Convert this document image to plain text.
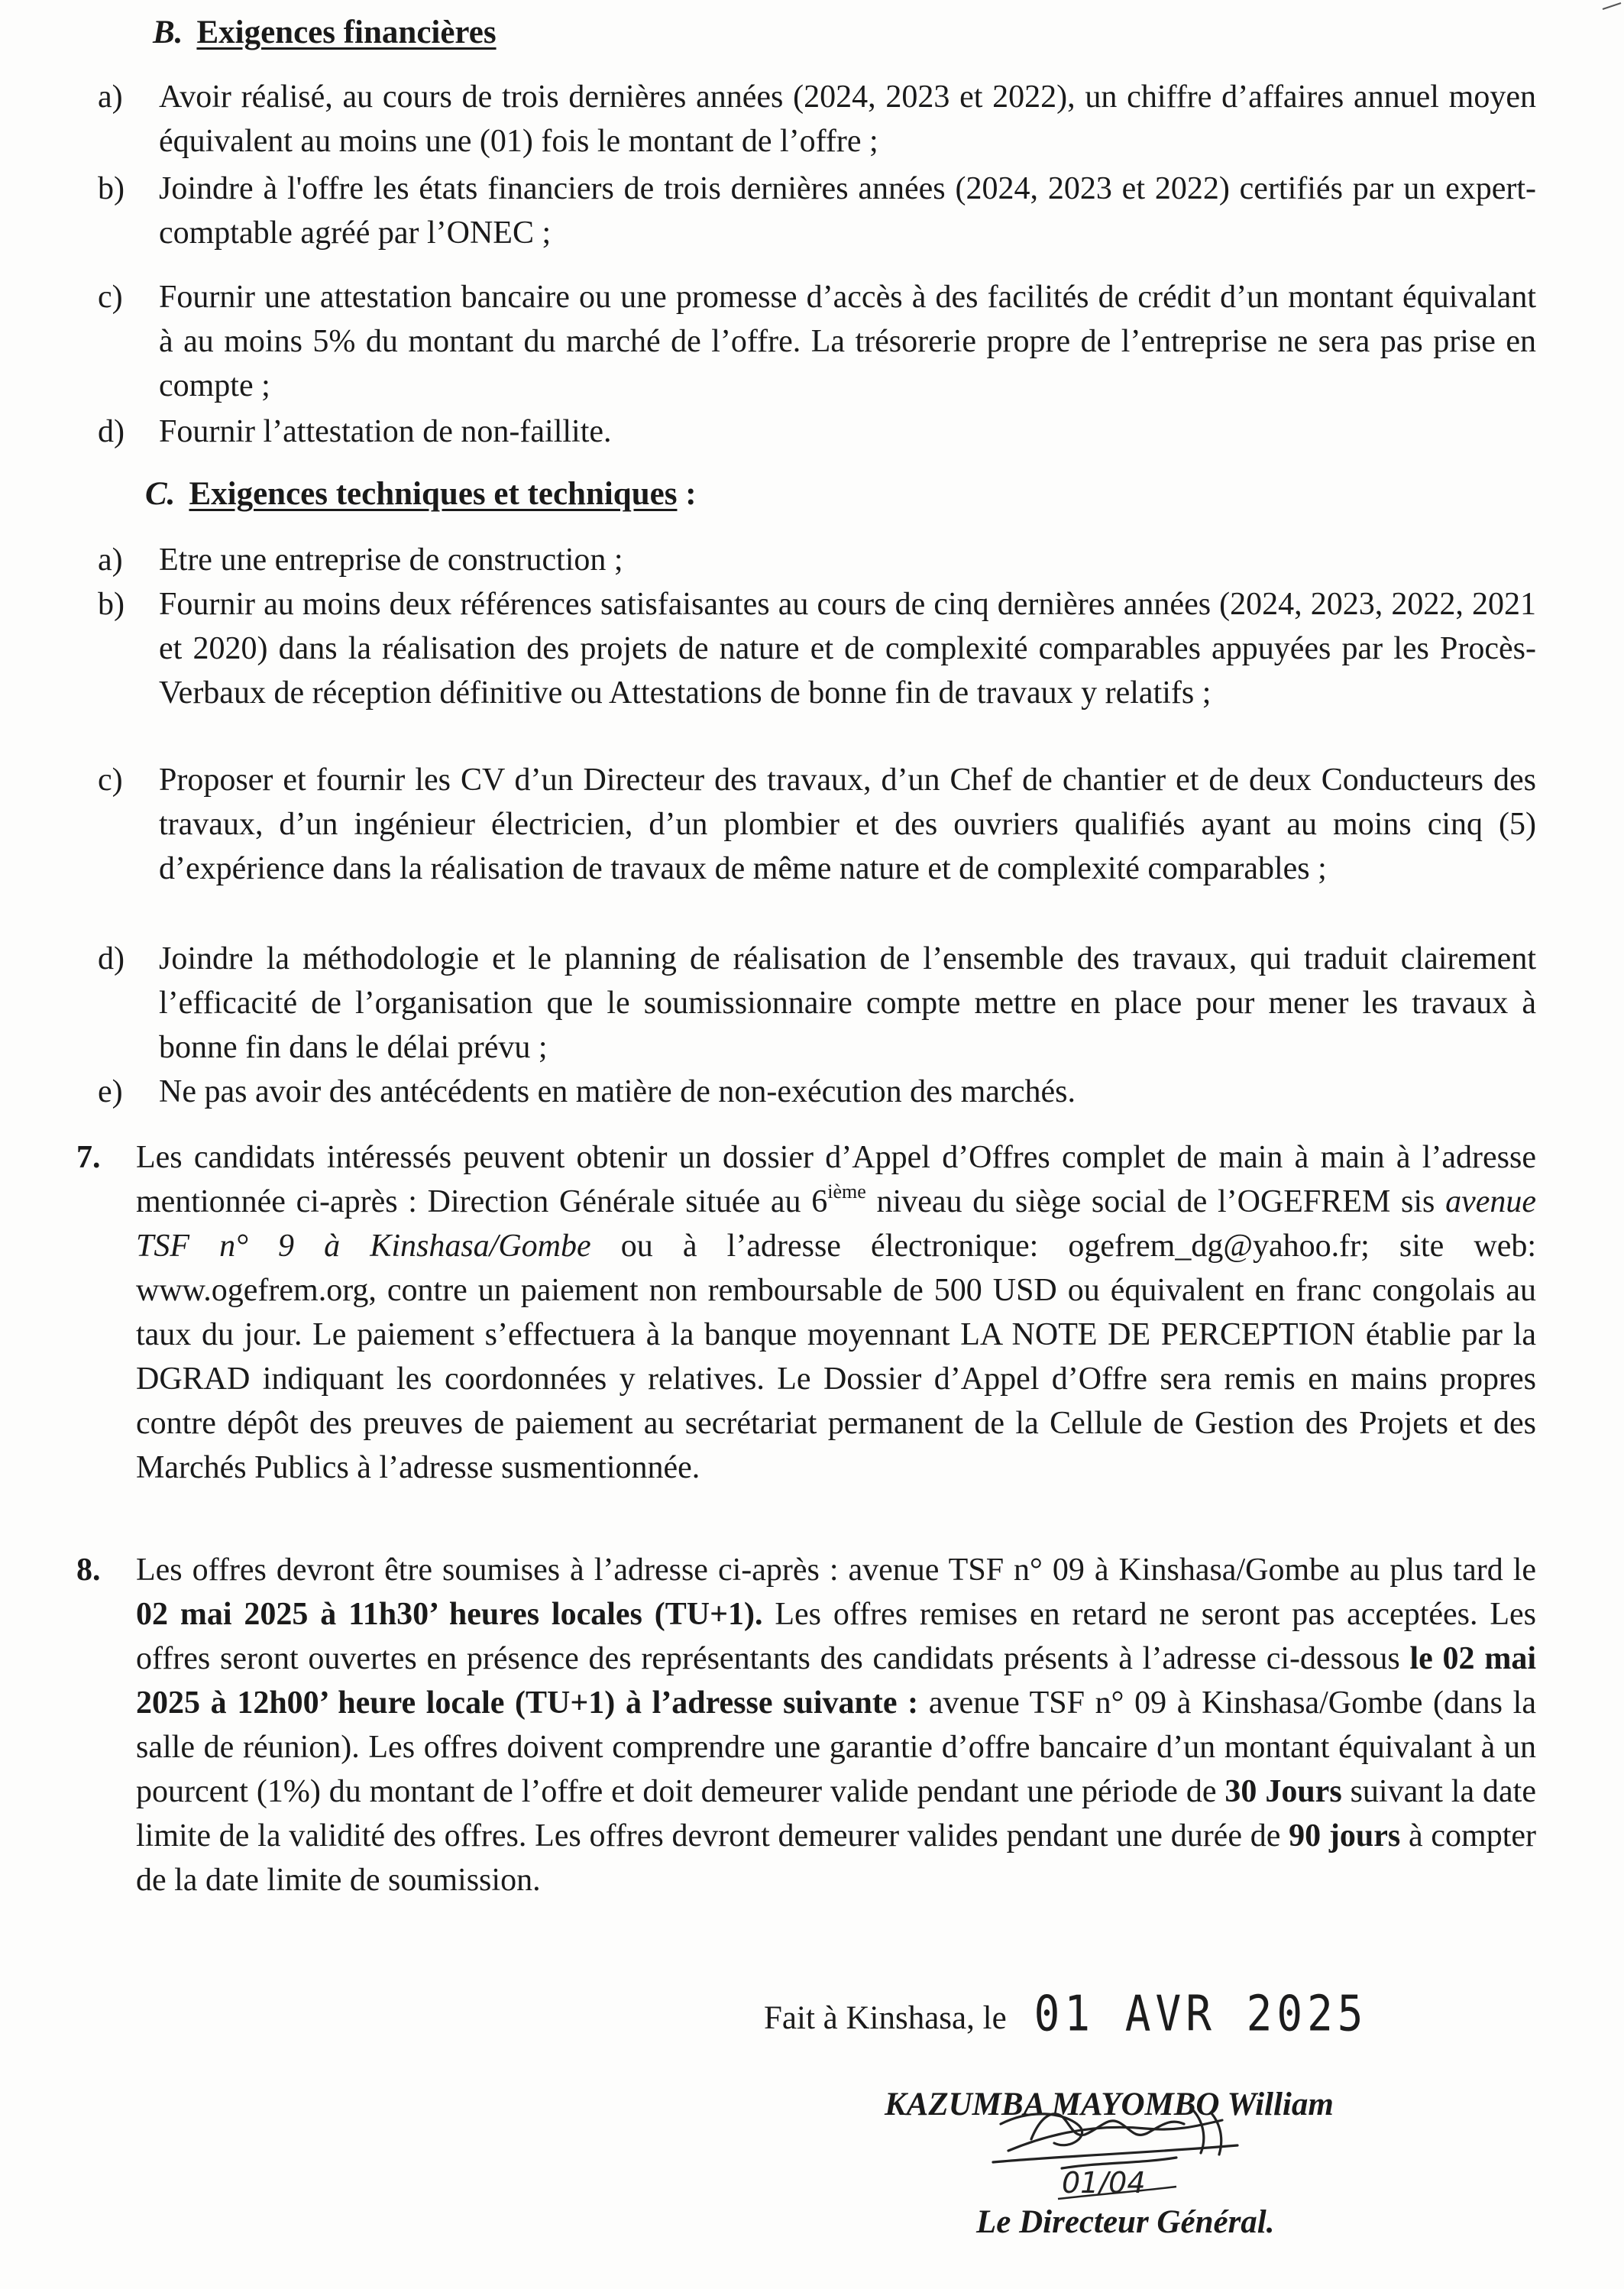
B. Exigences financières
a) Avoir réalisé, au cours de trois dernières années (2024, 2023 et 2022), un chiffre d’affaires annuel moyen équivalent au moins une (01) fois le montant de l’offre ;
b) Joindre à l'offre les états financiers de trois dernières années (2024, 2023 et 2022) certifiés par un expert-comptable agréé par l’ONEC ;
c) Fournir une attestation bancaire ou une promesse d’accès à des facilités de crédit d’un montant équivalant à au moins 5% du montant du marché de l’offre. La trésorerie propre de l’entreprise ne sera pas prise en compte ;
d) Fournir l’attestation de non-faillite.
C. Exigences techniques et techniques :
a) Etre une entreprise de construction ;
b) Fournir au moins deux références satisfaisantes au cours de cinq dernières années (2024, 2023, 2022, 2021 et 2020) dans la réalisation des projets de nature et de complexité comparables appuyées par les Procès-Verbaux de réception définitive ou Attestations de bonne fin de travaux y relatifs ;
c) Proposer et fournir les CV d’un Directeur des travaux, d’un Chef de chantier et de deux Conducteurs des travaux, d’un ingénieur électricien, d’un plombier et des ouvriers qualifiés ayant au moins cinq (5) d’expérience dans la réalisation de travaux de même nature et de complexité comparables ;
d) Joindre la méthodologie et le planning de réalisation de l’ensemble des travaux, qui traduit clairement l’efficacité de l’organisation que le soumissionnaire compte mettre en place pour mener les travaux à bonne fin dans le délai prévu ;
e) Ne pas avoir des antécédents en matière de non-exécution des marchés.
7. Les candidats intéressés peuvent obtenir un dossier d’Appel d’Offres complet de main à main à l’adresse mentionnée ci-après : Direction Générale située au 6ième niveau du siège social de l’OGEFREM sis avenue TSF n° 9 à Kinshasa/Gombe ou à l’adresse électronique: ogefrem_dg@yahoo.fr; site web: www.ogefrem.org, contre un paiement non remboursable de 500 USD ou équivalent en franc congolais au taux du jour. Le paiement s’effectuera à la banque moyennant LA NOTE DE PERCEPTION établie par la DGRAD indiquant les coordonnées y relatives. Le Dossier d’Appel d’Offre sera remis en mains propres contre dépôt des preuves de paiement au secrétariat permanent de la Cellule de Gestion des Projets et des Marchés Publics à l’adresse susmentionnée.
8. Les offres devront être soumises à l’adresse ci-après : avenue TSF n° 09 à Kinshasa/Gombe au plus tard le 02 mai 2025 à 11h30’ heures locales (TU+1). Les offres remises en retard ne seront pas acceptées. Les offres seront ouvertes en présence des représentants des candidats présents à l’adresse ci-dessous le 02 mai 2025 à 12h00’ heure locale (TU+1) à l’adresse suivante : avenue TSF n° 09 à Kinshasa/Gombe (dans la salle de réunion). Les offres doivent comprendre une garantie d’offre bancaire d’un montant équivalant à un pourcent (1%) du montant de l’offre et doit demeurer valide pendant une période de 30 Jours suivant la date limite de la validité des offres. Les offres devront demeurer valides pendant une durée de 90 jours à compter de la date limite de soumission.
Fait à Kinshasa, le 01 AVR 2025
KAZUMBA MAYOMBO William
01/04
Le Directeur Général.
